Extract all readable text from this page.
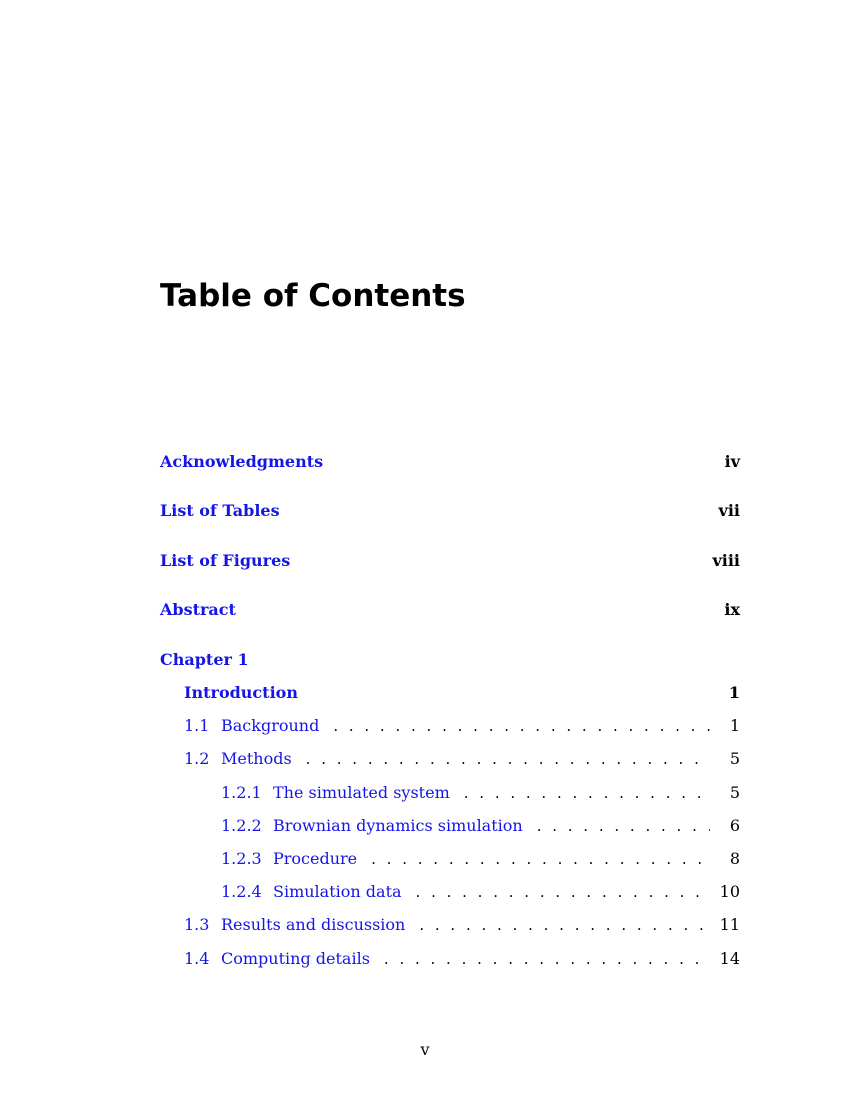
Table of Contents
Acknowledgments	iv
List of Tables	vii
List of Figures	viii
Abstract	ix
Chapter 1
Introduction	1
1.1 Background . . .	1
1.2 Methods . . .	5
1.2.1 The simulated system . . .	5
1.2.2 Brownian dynamics simulation . . .	6
1.2.3 Procedure . . .	8
1.2.4 Simulation data . . .	10
1.3 Results and discussion . . .	11
1.4 Computing details . . .	14
v
